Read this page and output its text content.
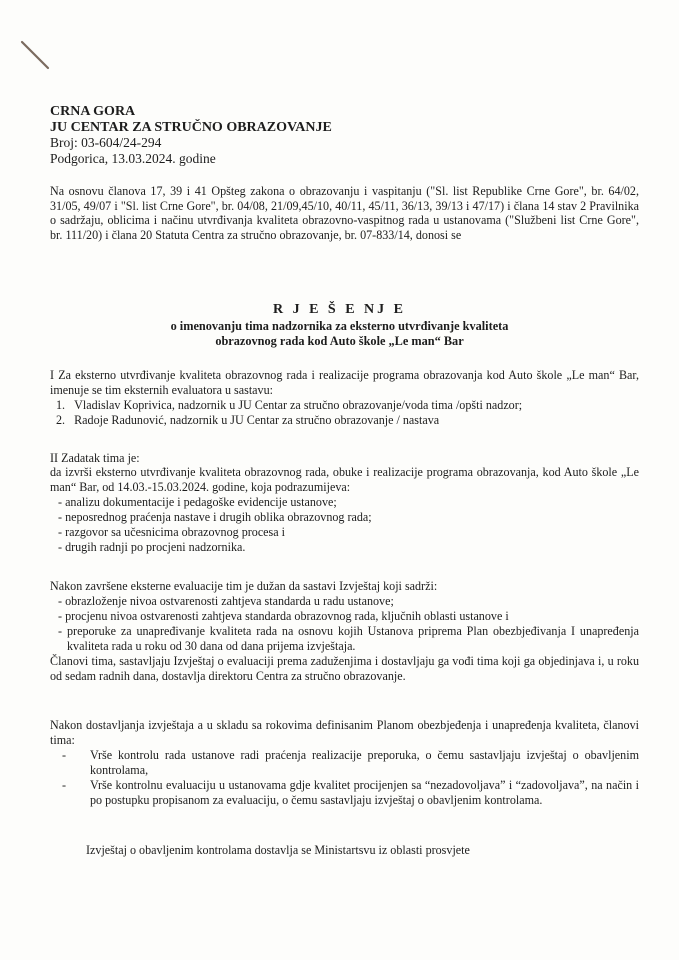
CRNA GORA
JU CENTAR ZA STRUČNO OBRAZOVANJE
Broj: 03-604/24-294
Podgorica, 13.03.2024. godine
Na osnovu članova 17, 39 i 41 Opšteg zakona o obrazovanju i vaspitanju ("Sl. list Republike Crne Gore", br. 64/02, 31/05, 49/07 i "Sl. list Crne Gore", br. 04/08, 21/09,45/10, 40/11, 45/11, 36/13, 39/13 i 47/17) i člana 14 stav 2 Pravilnika o sadržaju, oblicima i načinu utvrđivanja kvaliteta obrazovno-vaspitnog rada u ustanovama ("Službeni list Crne Gore", br. 111/20) i člana 20 Statuta Centra za stručno obrazovanje, br. 07-833/14, donosi se
R J E Š E NJ E
o imenovanju tima nadzornika za eksterno utvrđivanje kvaliteta
obrazovnog rada kod Auto škole „Le man“ Bar
I Za eksterno utvrđivanje kvaliteta obrazovnog rada i realizacije programa obrazovanja kod Auto škole „Le man“ Bar, imenuje se tim eksternih evaluatora u sastavu:
1. Vladislav Koprivica, nadzornik u JU Centar za stručno obrazovanje/voda tima /opšti nadzor;
2. Radoje Radunović, nadzornik u JU Centar za stručno obrazovanje / nastava
II Zadatak tima je:
da izvrši eksterno utvrđivanje kvaliteta obrazovnog rada, obuke i realizacije programa obrazovanja, kod Auto škole „Le man“ Bar, od 14.03.-15.03.2024. godine, koja podrazumijeva:
- analizu dokumentacije i pedagoške evidencije ustanove;
- neposrednog praćenja nastave i drugih oblika obrazovnog rada;
- razgovor sa učesnicima obrazovnog procesa i
- drugih radnji po procjeni nadzornika.
Nakon završene eksterne evaluacije tim je dužan da sastavi Izvještaj koji sadrži:
- obrazloženje nivoa ostvarenosti zahtjeva standarda u radu ustanove;
- procjenu nivoa ostvarenosti zahtjeva standarda obrazovnog rada, ključnih oblasti ustanove i
- preporuke za unapređivanje kvaliteta rada na osnovu kojih Ustanova priprema Plan obezbjeđivanja I unapređenja kvaliteta rada u roku od 30 dana od dana prijema izvještaja.
Članovi tima, sastavljaju Izvještaj o evaluaciji prema zaduženjima i dostavljaju ga vođi tima koji ga objedinjava i, u roku od sedam radnih dana, dostavlja direktoru Centra za stručno obrazovanje.
Nakon dostavljanja izvještaja a u skladu sa rokovima definisanim Planom obezbjeđenja i unapređenja kvaliteta, članovi tima:
- Vrše kontrolu rada ustanove radi praćenja realizacije preporuka, o čemu sastavljaju izvještaj o obavljenim kontrolama,
- Vrše kontrolnu evaluaciju u ustanovama gdje kvalitet procijenjen sa “nezadovoljava” i “zadovoljava”, na način i po postupku propisanom za evaluaciju, o čemu sastavljaju izvještaj o obavljenim kontrolama.
Izvještaj o obavljenim kontrolama dostavlja se Ministartsvu iz oblasti prosvjete
